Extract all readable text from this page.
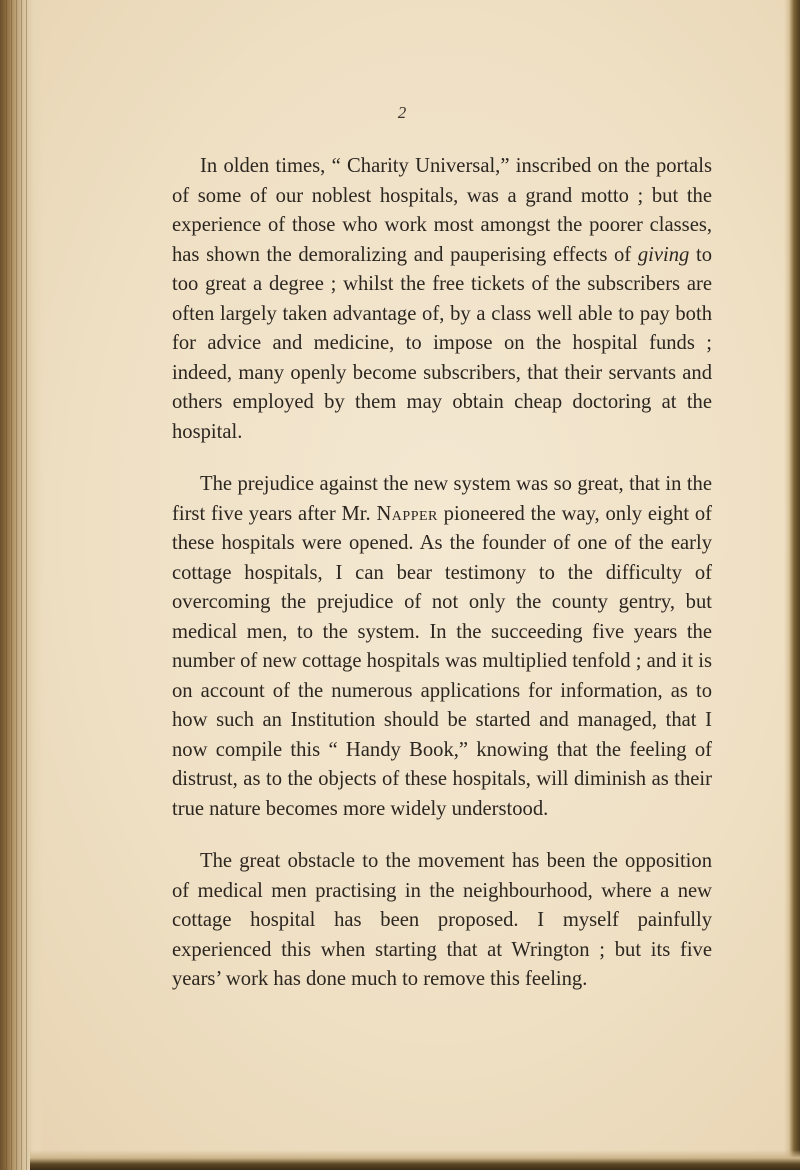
2

In olden times, “ Charity Universal,” inscribed on the portals of some of our noblest hospitals, was a grand motto ; but the experience of those who work most amongst the poorer classes, has shown the demoralizing and pauperising effects of giving to too great a degree ; whilst the free tickets of the subscribers are often largely taken advantage of, by a class well able to pay both for advice and medicine, to impose on the hospital funds ; indeed, many openly become subscribers, that their servants and others employed by them may obtain cheap doctoring at the hospital.

The prejudice against the new system was so great, that in the first five years after Mr. Napper pioneered the way, only eight of these hospitals were opened. As the founder of one of the early cottage hospitals, I can bear testimony to the difficulty of overcoming the prejudice of not only the county gentry, but medical men, to the system. In the succeeding five years the number of new cottage hospitals was multiplied tenfold ; and it is on account of the numerous applications for information, as to how such an Institution should be started and managed, that I now compile this “ Handy Book,” knowing that the feeling of distrust, as to the objects of these hospitals, will diminish as their true nature becomes more widely understood.

The great obstacle to the movement has been the opposition of medical men practising in the neighbourhood, where a new cottage hospital has been proposed. I myself painfully experienced this when starting that at Wrington ; but its five years’ work has done much to remove this feeling.
